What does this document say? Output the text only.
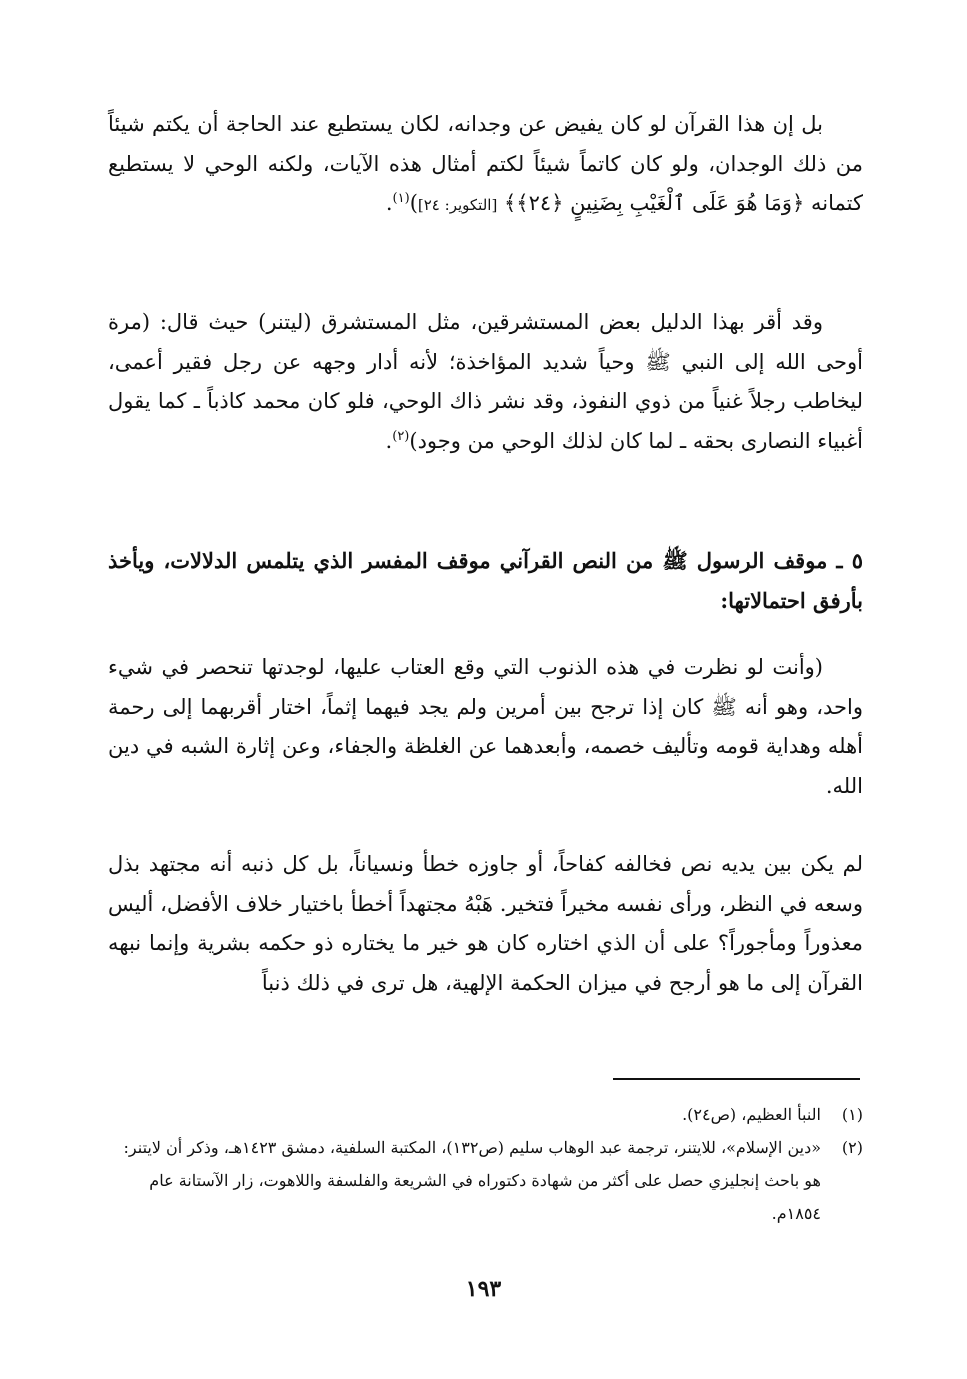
بل إن هذا القرآن لو كان يفيض عن وجدانه، لكان يستطيع عند الحاجة أن يكتم شيئاً من ذلك الوجدان، ولو كان كاتماً شيئاً لكتم أمثال هذه الآيات، ولكنه الوحي لا يستطيع كتمانه ﴿وَمَا هُوَ عَلَى ٱلْغَيْبِ بِضَنِينٍ ﴿٢٤﴾﴾ [التكوير: ٢٤])$^{(١)}$.

وقد أقر بهذا الدليل بعض المستشرقين، مثل المستشرق (ليتنر) حيث قال: (مرة أوحى الله إلى النبي ﷺ وحياً شديد المؤاخذة؛ لأنه أدار وجهه عن رجل فقير أعمى، ليخاطب رجلاً غنياً من ذوي النفوذ، وقد نشر ذاك الوحي، فلو كان محمد كاذباً ـ كما يقول أغبياء النصارى بحقه ـ لما كان لذلك الوحي من وجود)$^{(٢)}$.

٥ ـ موقف الرسول ﷺ من النص القرآني موقف المفسر الذي يتلمس الدلالات، ويأخذ بأرفق احتمالاتها:

(وأنت لو نظرت في هذه الذنوب التي وقع العتاب عليها، لوجدتها تنحصر في شيء واحد، وهو أنه ﷺ كان إذا ترجح بين أمرين ولم يجد فيهما إثماً، اختار أقربهما إلى رحمة أهله وهداية قومه وتأليف خصمه، وأبعدهما عن الغلظة والجفاء، وعن إثارة الشبه في دين الله.

لم يكن بين يديه نص فخالفه كفاحاً، أو جاوزه خطأ ونسياناً، بل كل ذنبه أنه مجتهد بذل وسعه في النظر، ورأى نفسه مخيراً فتخير. هَبْهُ مجتهداً أخطأ باختيار خلاف الأفضل، أليس معذوراً ومأجوراً؟ على أن الذي اختاره كان هو خير ما يختاره ذو حكمه بشرية وإنما نبهه القرآن إلى ما هو أرجح في ميزان الحكمة الإلهية، هل ترى في ذلك ذنباً

(١)النبأ العظيم، (ص٢٤).

(٢)«دين الإسلام»، للايتنر، ترجمة عبد الوهاب سليم (ص١٣٢)، المكتبة السلفية، دمشق ١٤٢٣هـ، وذكر أن لايتنر: هو باحث إنجليزي حصل على أكثر من شهادة دكتوراه في الشريعة والفلسفة واللاهوت، زار الآستانة عام ١٨٥٤م.

١٩٣
